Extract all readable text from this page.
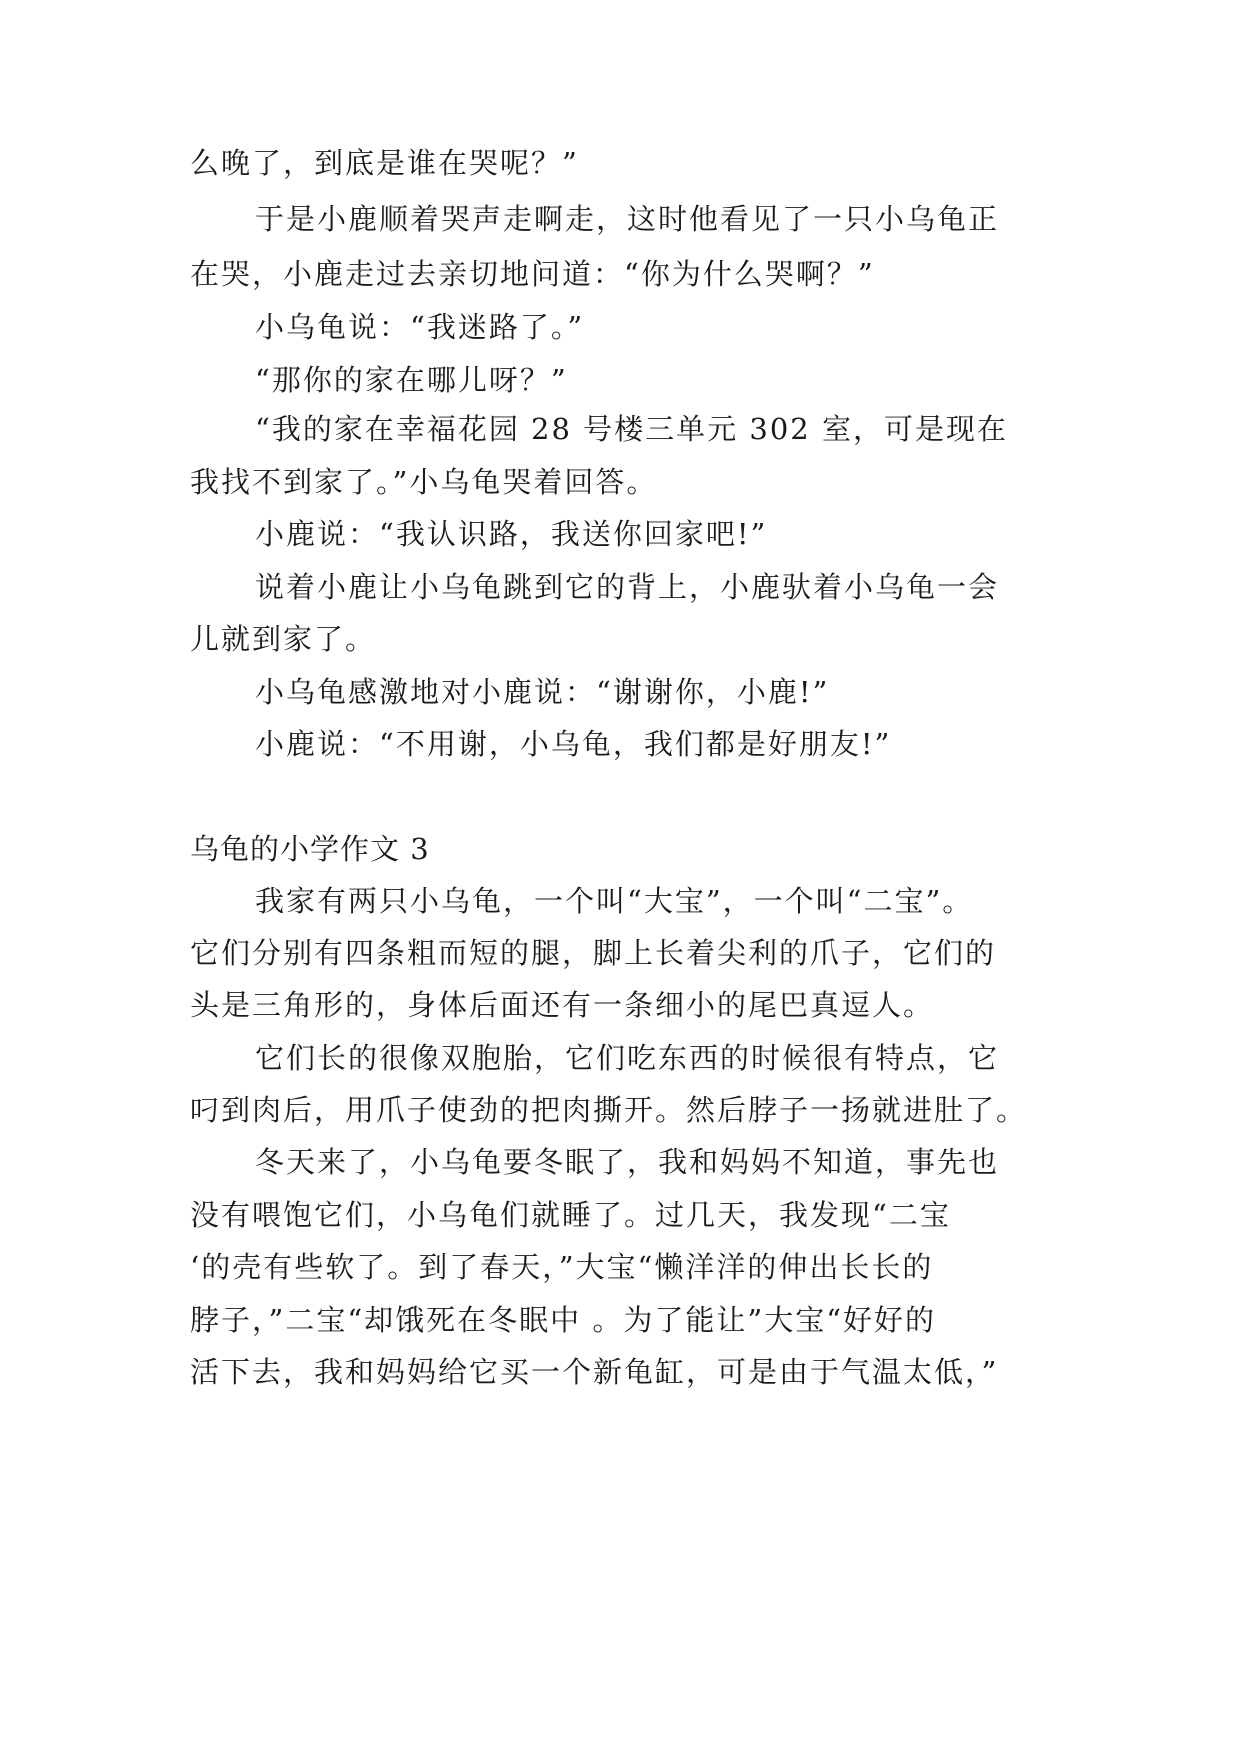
么晚了，到底是谁在哭呢？”
于是小鹿顺着哭声走啊走，这时他看见了一只小乌龟正
在哭，小鹿走过去亲切地问道：“你为什么哭啊？”
小乌龟说：“我迷路了。”
“那你的家在哪儿呀？”
“我的家在幸福花园 28 号楼三单元 302 室，可是现在
我找不到家了。”小乌龟哭着回答。
小鹿说：“我认识路，我送你回家吧!”
说着小鹿让小乌龟跳到它的背上，小鹿驮着小乌龟一会
儿就到家了。
小乌龟感激地对小鹿说：“谢谢你，小鹿!”
小鹿说：“不用谢，小乌龟，我们都是好朋友!”
乌龟的小学作文 3
我家有两只小乌龟，一个叫“大宝”，一个叫“二宝”。
它们分别有四条粗而短的腿，脚上长着尖利的爪子，它们的
头是三角形的，身体后面还有一条细小的尾巴真逗人。
它们长的很像双胞胎，它们吃东西的时候很有特点，它
叼到肉后，用爪子使劲的把肉撕开。然后脖子一扬就进肚了。
冬天来了，小乌龟要冬眠了，我和妈妈不知道，事先也
没有喂饱它们，小乌龟们就睡了。过几天，我发现“二宝
‘的壳有些软了。到了春天，”大宝“懒洋洋的伸出长长的
脖子，”二宝“却饿死在冬眠中 。为了能让”大宝“好好的
活下去，我和妈妈给它买一个新龟缸，可是由于气温太低，”
